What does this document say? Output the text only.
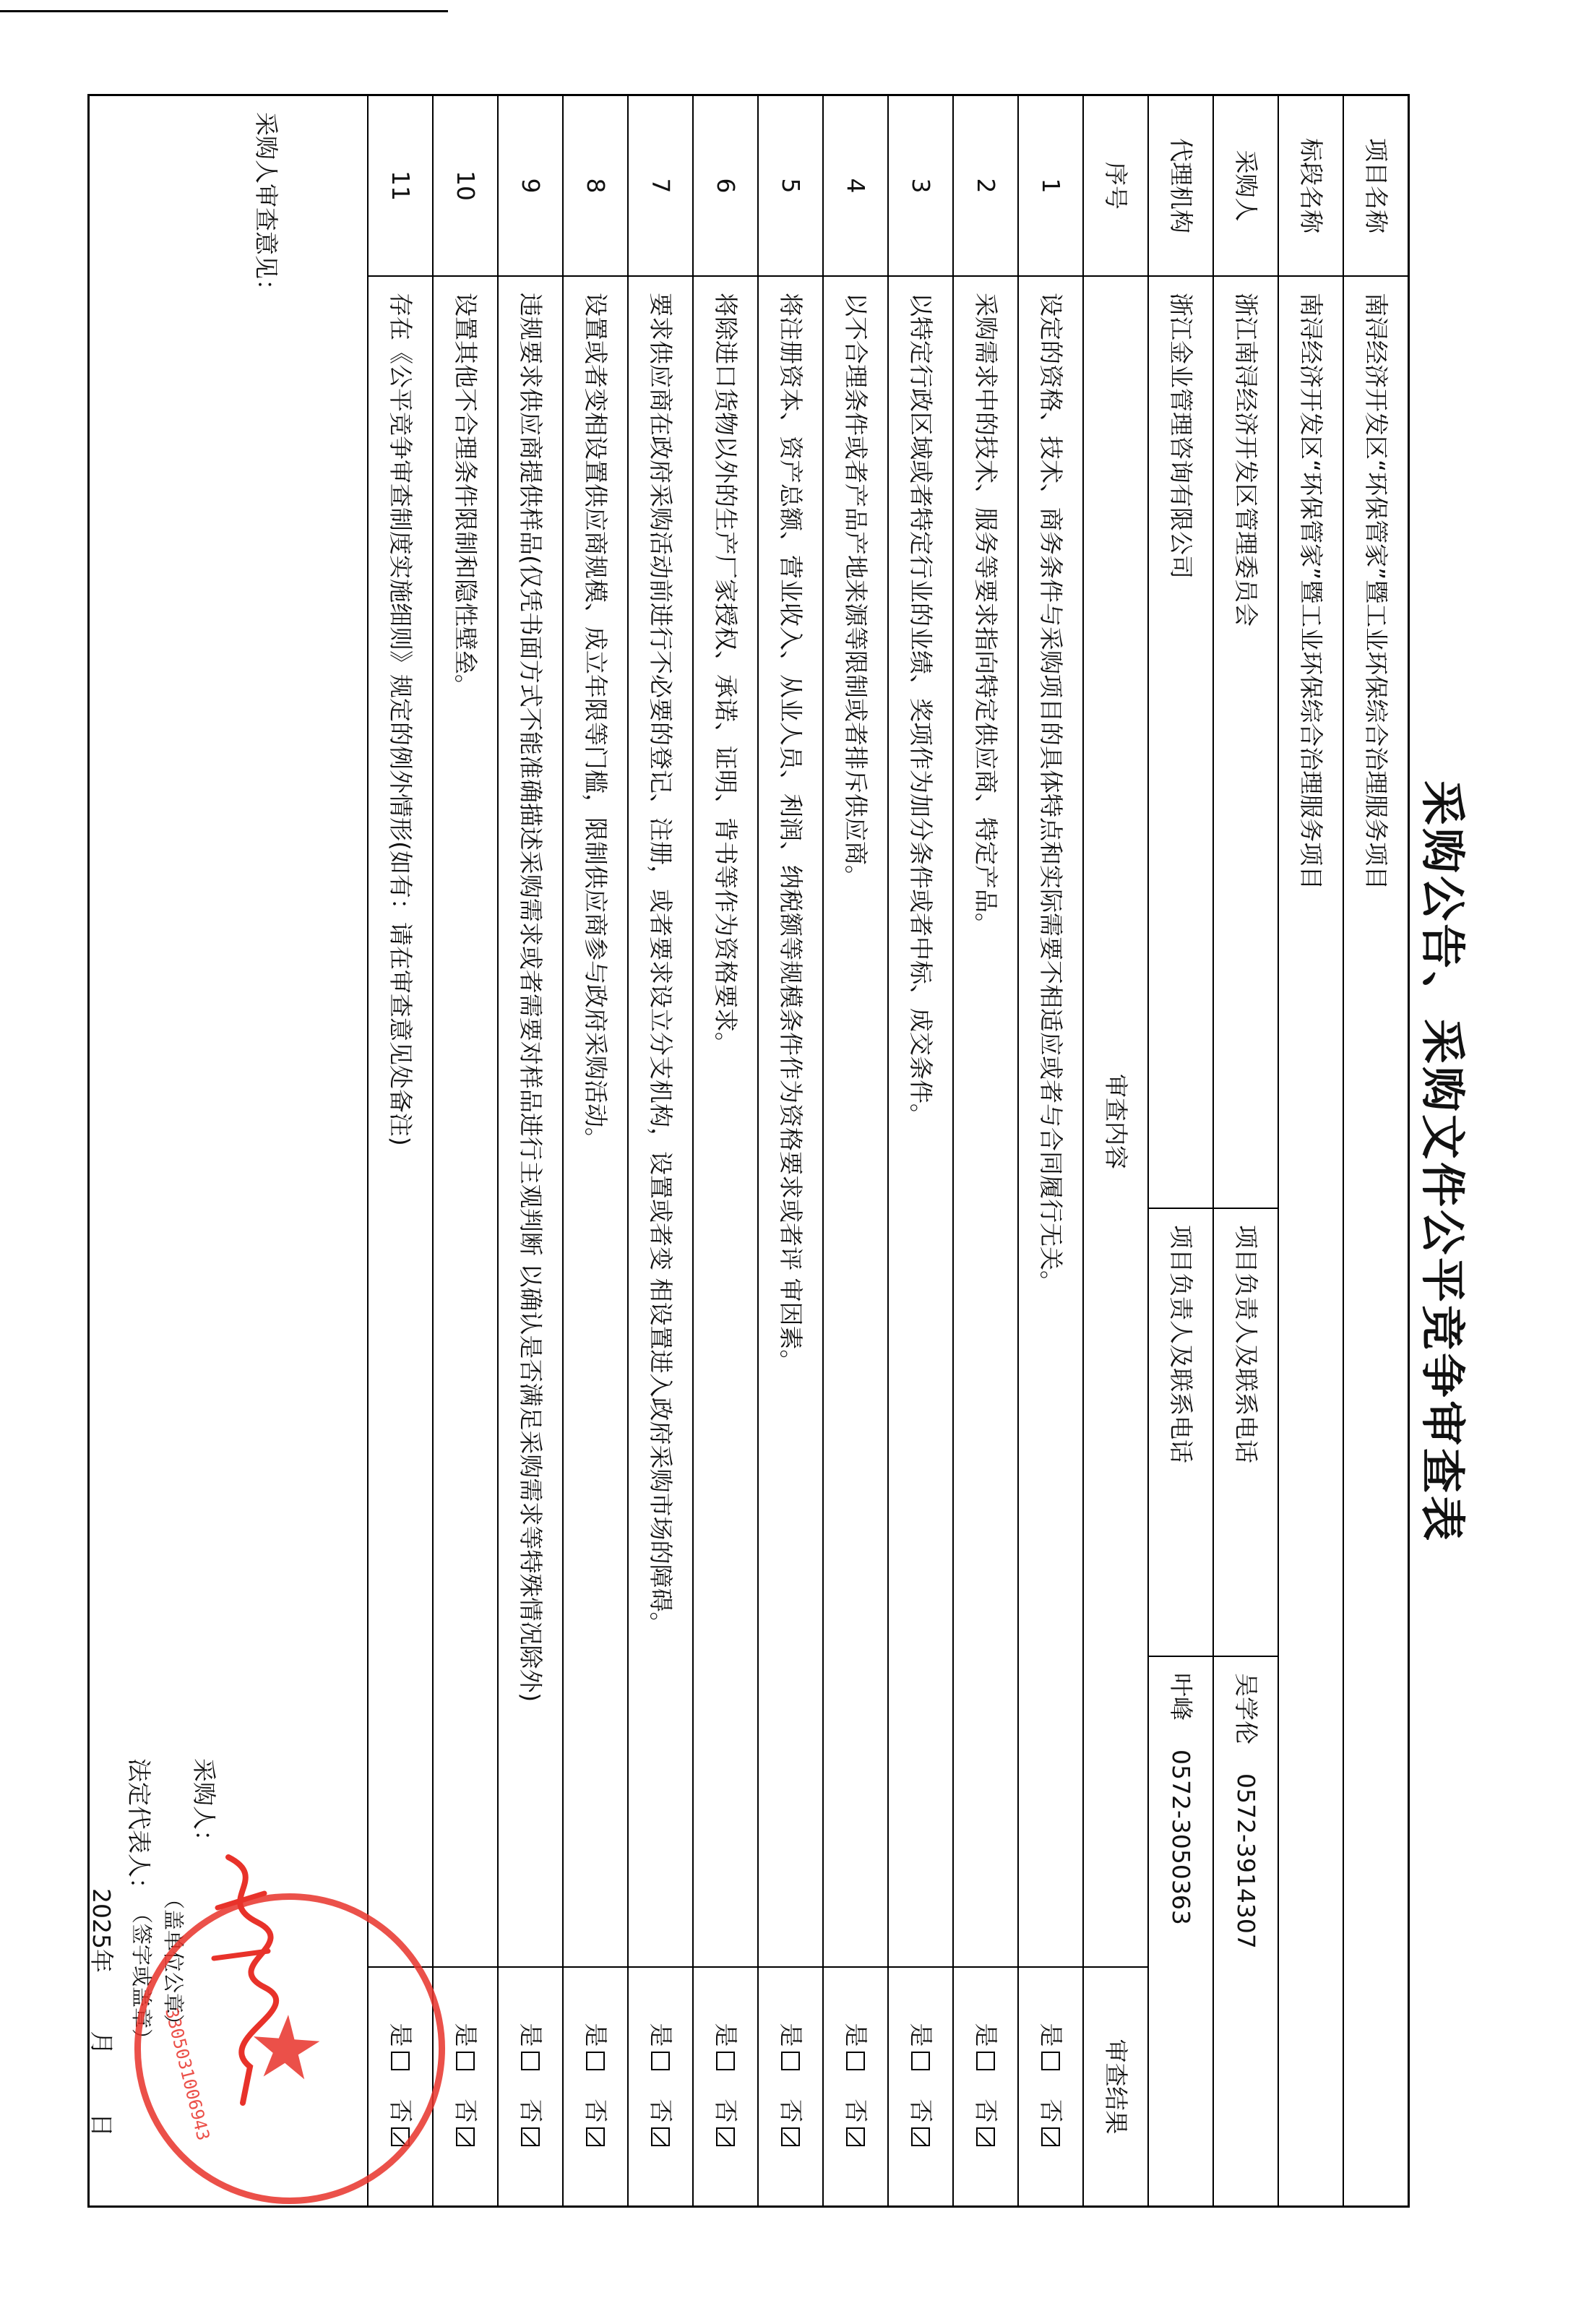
采购公告、采购文件公平竞争审查表
项目名称
南浔经济开发区“环保管家”暨工业环保综合治理服务项目
标段名称
南浔经济开发区“环保管家”暨工业环保综合治理服务项目
采购人
浙江南浔经济开发区管理委员会
项目负责人及联系电话
吴学伦
0572-3914307
代理机构
浙江金业管理咨询有限公司
项目负责人及联系电话
叶峰
0572-3050363
序号
审查内容
审查结果
1
设定的资格、技术、商务条件与采购项目的具体特点和实际需要不相适应或者与合同履行无关。
是
否
2
采购需求中的技术、服务等要求指向特定供应商、特定产品。
是
否
3
以特定行政区域或者特定行业的业绩、奖项作为加分条件或者中标、成交条件。
是
否
4
以不合理条件或者产品产地来源等限制或者排斥供应商。
是
否
5
将注册资本、资产总额、营业收入、从业人员、利润、纳税额等规模条件作为资格要求或者评 审因素。
是
否
6
将除进口货物以外的生产厂家授权、承诺、证明、背书等作为资格要求。
是
否
7
要求供应商在政府采购活动前进行不必要的登记、注册，或者要求设立分支机构，设置或者变 相设置进入政府采购市场的障碍。
是
否
8
设置或者变相设置供应商规模、成立年限等门槛，限制供应商参与政府采购活动。
是
否
9
违规要求供应商提供样品(仅凭书面方式不能准确描述采购需求或者需要对样品进行主观判断 以确认是否满足采购需求等特殊情况除外)
是
否
10
设置其他不合理条件限制和隐性壁垒。
是
否
11
存在《公平竞争审查制度实施细则》规定的例外情形(如有：请在审查意见处备注)
是
否
采购人审查意见：
采购人：
（盖单位公章）
法定代表人：
（签字或盖章）
2025年 月 日
★
3305031006943
